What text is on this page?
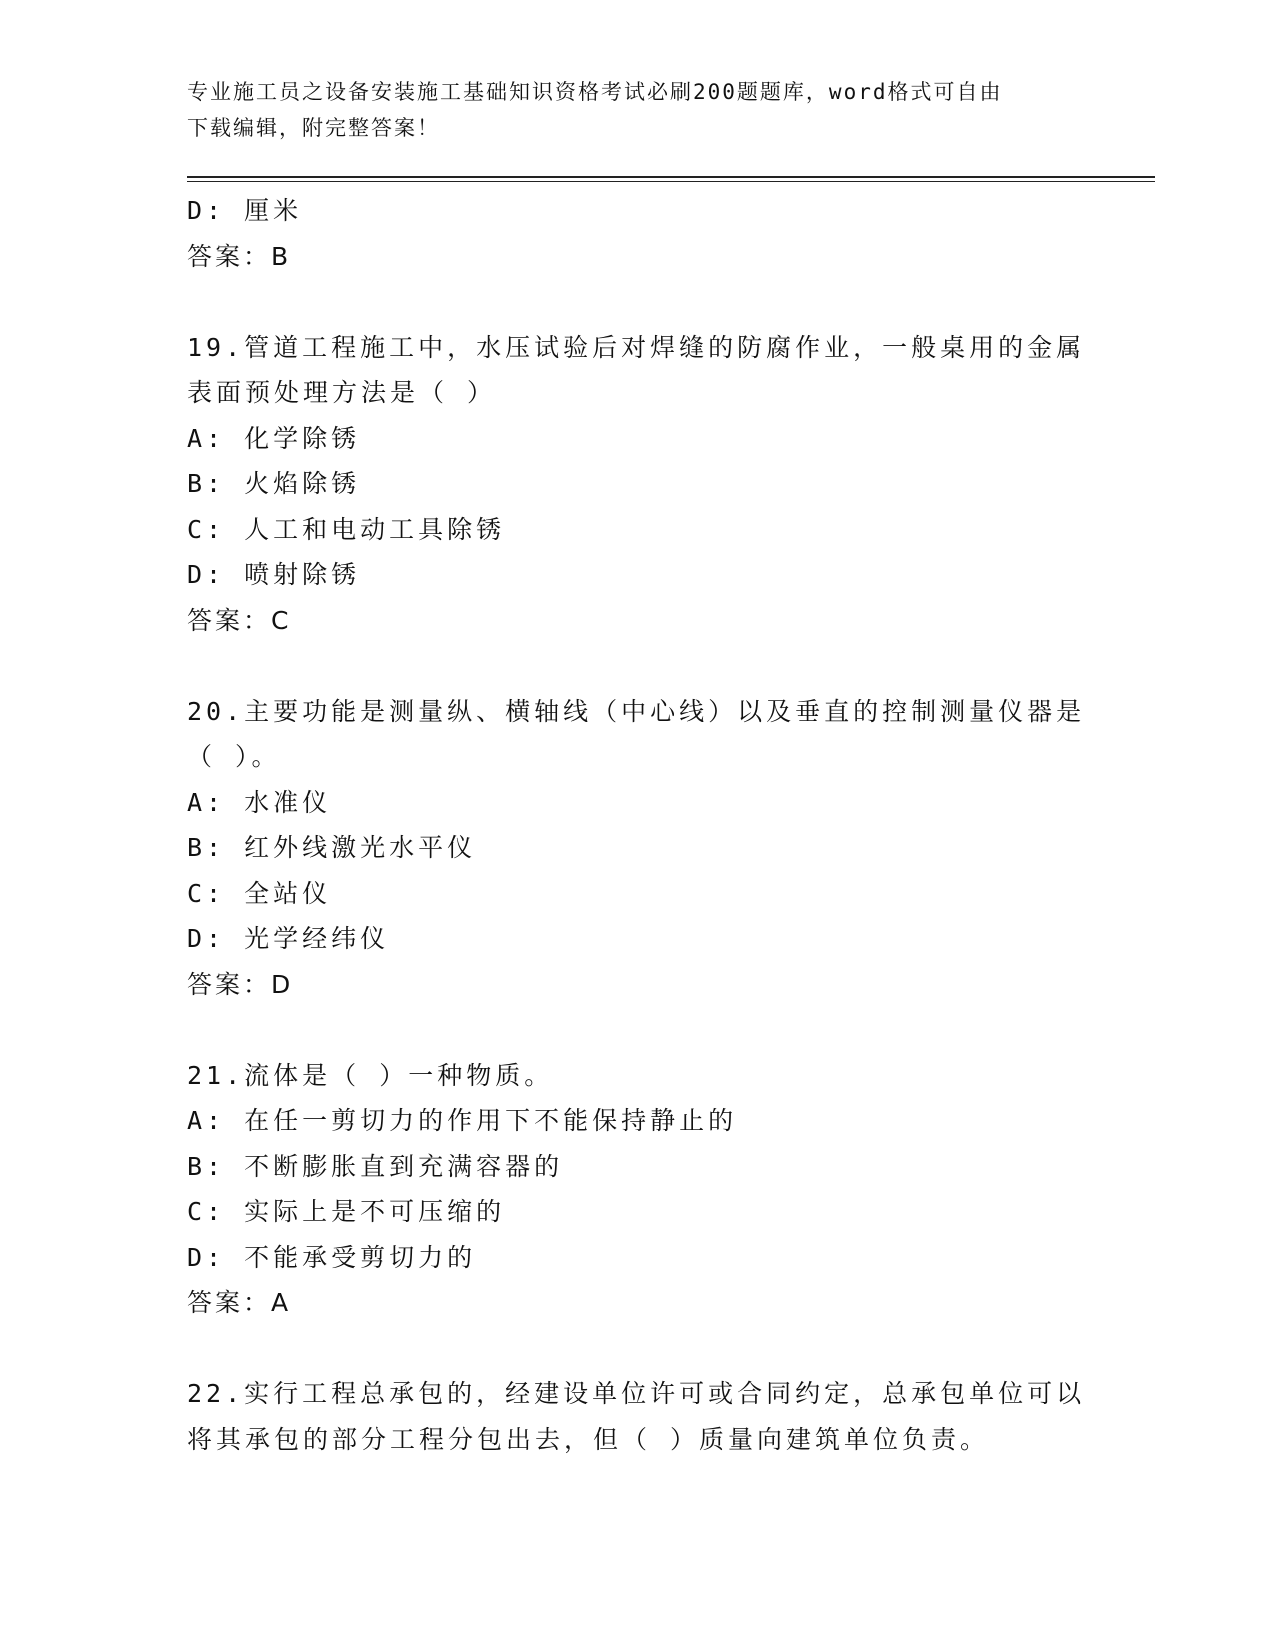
专业施工员之设备安装施工基础知识资格考试必刷200题题库，word格式可自由
下载编辑，附完整答案！
D: 厘米
答案：B
19.管道工程施工中，水压试验后对焊缝的防腐作业，一般桌用的金属
表面预处理方法是（ ）
A: 化学除锈
B: 火焰除锈
C: 人工和电动工具除锈
D: 喷射除锈
答案：C
20.主要功能是测量纵、横轴线（中心线）以及垂直的控制测量仪器是
（ ）。
A: 水准仪
B: 红外线激光水平仪
C: 全站仪
D: 光学经纬仪
答案：D
21.流体是（ ）一种物质。
A: 在任一剪切力的作用下不能保持静止的
B: 不断膨胀直到充满容器的
C: 实际上是不可压缩的
D: 不能承受剪切力的
答案：A
22.实行工程总承包的，经建设单位许可或合同约定，总承包单位可以
将其承包的部分工程分包出去，但（ ）质量向建筑单位负责。
